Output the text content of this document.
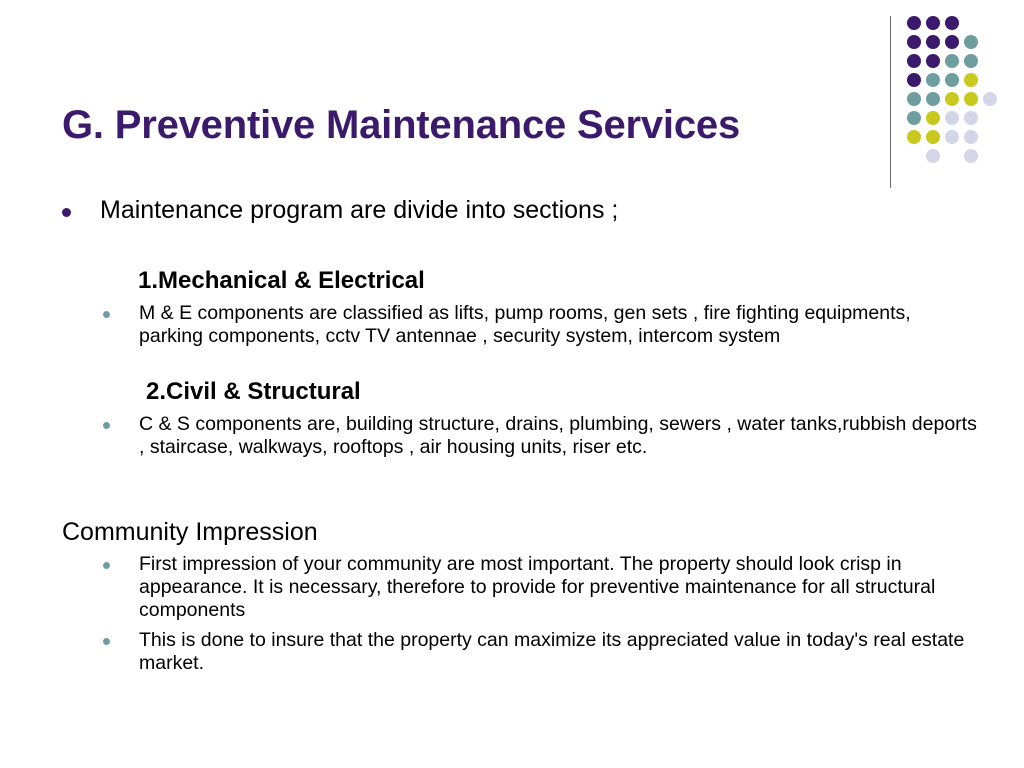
G. Preventive Maintenance Services
Maintenance program are divide into sections ;
1.Mechanical & Electrical
M & E components are classified as lifts, pump rooms, gen sets , fire fighting equipments, parking components, cctv TV antennae , security system, intercom system
2.Civil & Structural
C & S components are, building structure, drains, plumbing, sewers , water tanks,rubbish deports , staircase, walkways, rooftops , air housing units, riser etc.
Community Impression
First impression of your community are most important. The property should look crisp in appearance. It is necessary, therefore to provide for preventive maintenance for all structural components
This is done to insure that the property can maximize its appreciated value in today's real estate market.
